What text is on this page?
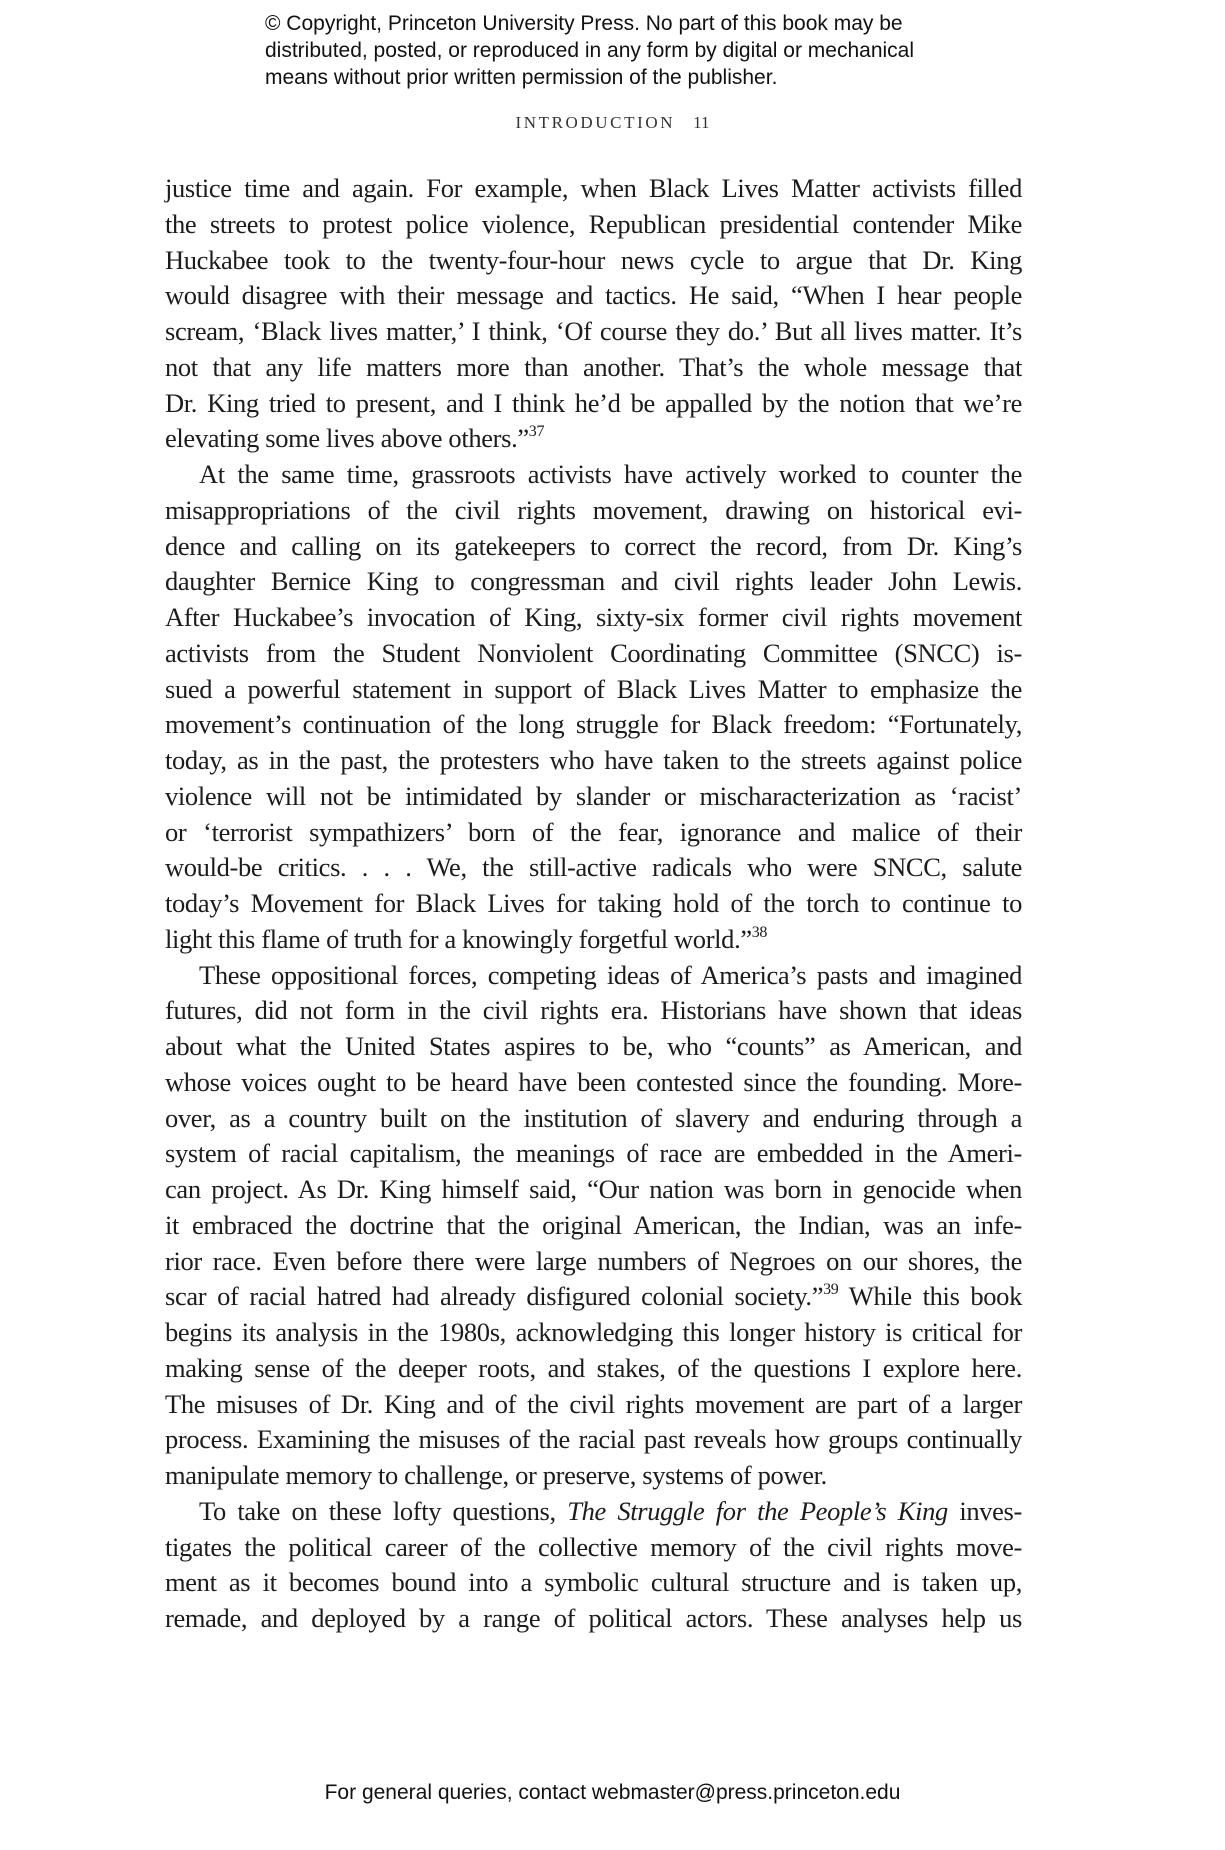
© Copyright, Princeton University Press. No part of this book may be
distributed, posted, or reproduced in any form by digital or mechanical
means without prior written permission of the publisher.
INTRODUCTION 11
justice time and again. For example, when Black Lives Matter activists filled
the streets to protest police violence, Republican presidential contender Mike
Huckabee took to the twenty-four-hour news cycle to argue that Dr. King
would disagree with their message and tactics. He said, “When I hear people
scream, ‘Black lives matter,’ I think, ‘Of course they do.’ But all lives matter. It’s
not that any life matters more than another. That’s the whole message that
Dr. King tried to present, and I think he’d be appalled by the notion that we’re
elevating some lives above others.”$^{37}$
At the same time, grassroots activists have actively worked to counter the
misappropriations of the civil rights movement, drawing on historical evi-
dence and calling on its gatekeepers to correct the record, from Dr. King’s
daughter Bernice King to congressman and civil rights leader John Lewis.
After Huckabee’s invocation of King, sixty-six former civil rights movement
activists from the Student Nonviolent Coordinating Committee (SNCC) is-
sued a powerful statement in support of Black Lives Matter to emphasize the
movement’s continuation of the long struggle for Black freedom: “Fortunately,
today, as in the past, the protesters who have taken to the streets against police
violence will not be intimidated by slander or mischaracterization as ‘racist’
or ‘terrorist sympathizers’ born of the fear, ignorance and malice of their
would-be critics. . . . We, the still-active radicals who were SNCC, salute
today’s Movement for Black Lives for taking hold of the torch to continue to
light this flame of truth for a knowingly forgetful world.”$^{38}$
These oppositional forces, competing ideas of America’s pasts and imagined
futures, did not form in the civil rights era. Historians have shown that ideas
about what the United States aspires to be, who “counts” as American, and
whose voices ought to be heard have been contested since the founding. More-
over, as a country built on the institution of slavery and enduring through a
system of racial capitalism, the meanings of race are embedded in the Ameri-
can project. As Dr. King himself said, “Our nation was born in genocide when
it embraced the doctrine that the original American, the Indian, was an infe-
rior race. Even before there were large numbers of Negroes on our shores, the
scar of racial hatred had already disfigured colonial society.”$^{39}$ While this book
begins its analysis in the 1980s, acknowledging this longer history is critical for
making sense of the deeper roots, and stakes, of the questions I explore here.
The misuses of Dr. King and of the civil rights movement are part of a larger
process. Examining the misuses of the racial past reveals how groups continually
manipulate memory to challenge, or preserve, systems of power.
To take on these lofty questions, The Struggle for the People’s King inves-
tigates the political career of the collective memory of the civil rights move-
ment as it becomes bound into a symbolic cultural structure and is taken up,
remade, and deployed by a range of political actors. These analyses help us
For general queries, contact webmaster@press.princeton.edu
